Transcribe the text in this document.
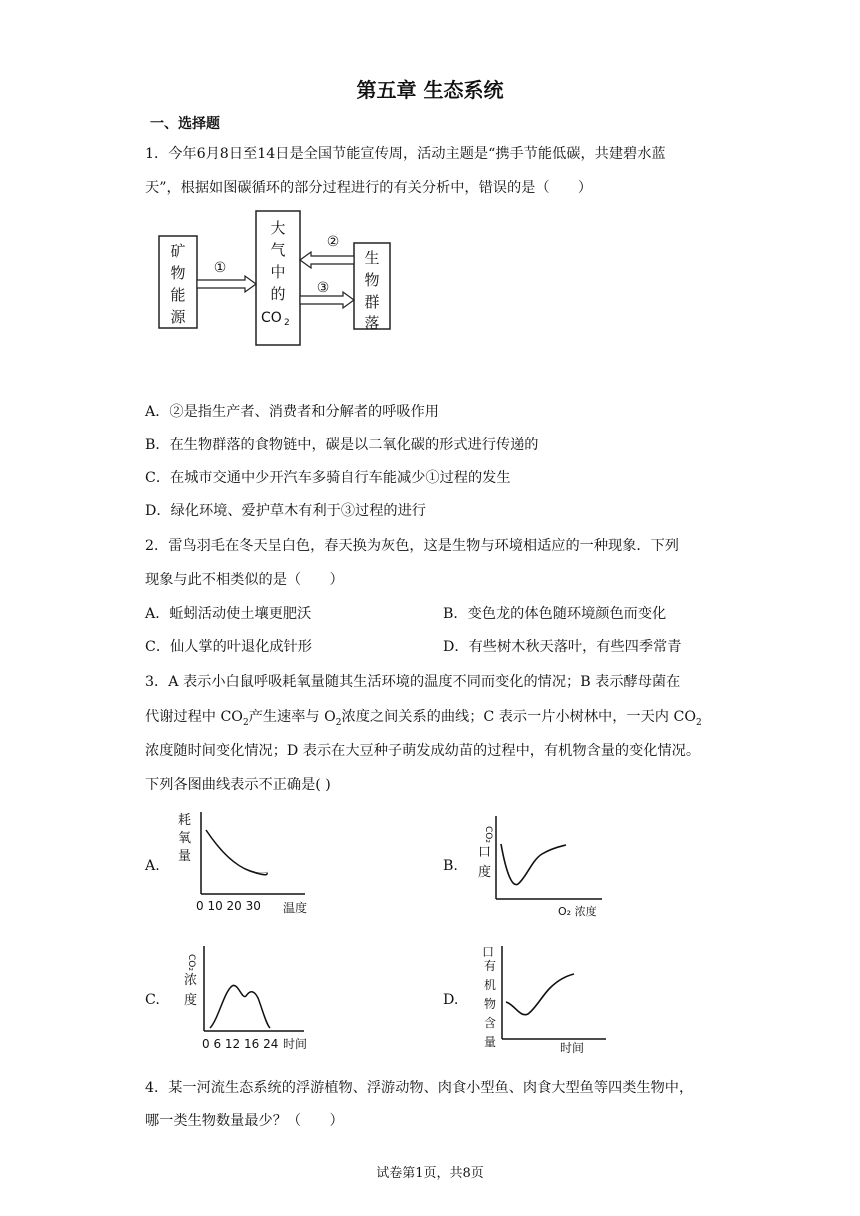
第五章 生态系统
一、选择题
1．今年6月8日至14日是全国节能宣传周，活动主题是“携手节能低碳，共建碧水蓝
天”，根据如图碳循环的部分过程进行的有关分析中，错误的是（　　）
矿
物
能
源
大
气
中
的
生
物
群
落
CO 2
①
②
③
A．②是指生产者、消费者和分解者的呼吸作用
B．在生物群落的食物链中，碳是以二氧化碳的形式进行传递的
C．在城市交通中少开汽车多骑自行车能减少①过程的发生
D．绿化环境、爱护草木有利于③过程的进行
2．雷鸟羽毛在冬天呈白色，春天换为灰色，这是生物与环境相适应的一种现象．下列
现象与此不相类似的是（　　）
A．蚯蚓活动使土壤更肥沃	B．变色龙的体色随环境颜色而变化
C．仙人掌的叶退化成针形	D．有些树木秋天落叶，有些四季常青
3．A 表示小白鼠呼吸耗氧量随其生活环境的温度不同而变化的情况；B 表示酵母菌在
代谢过程中 $CO_2$产生速率与 $O_2$浓度之间关系的曲线；C 表示一片小树林中，一天内 $CO_2$
浓度随时间变化情况；D 表示在大豆种子萌发成幼苗的过程中，有机物含量的变化情况。
下列各图曲线表示不正确是( )
A.
耗
氧
量
0 10 20 30 温度
B.
CO₂
口
度
O₂ 浓度
C.
CO₂
浓
度
0 6 12 16 24 时间
D.
口
有
机
物
含
量	时间
4．某一河流生态系统的浮游植物、浮游动物、肉食小型鱼、肉食大型鱼等四类生物中，
哪一类生物数量最少？（　　）
试卷第1页，共8页
